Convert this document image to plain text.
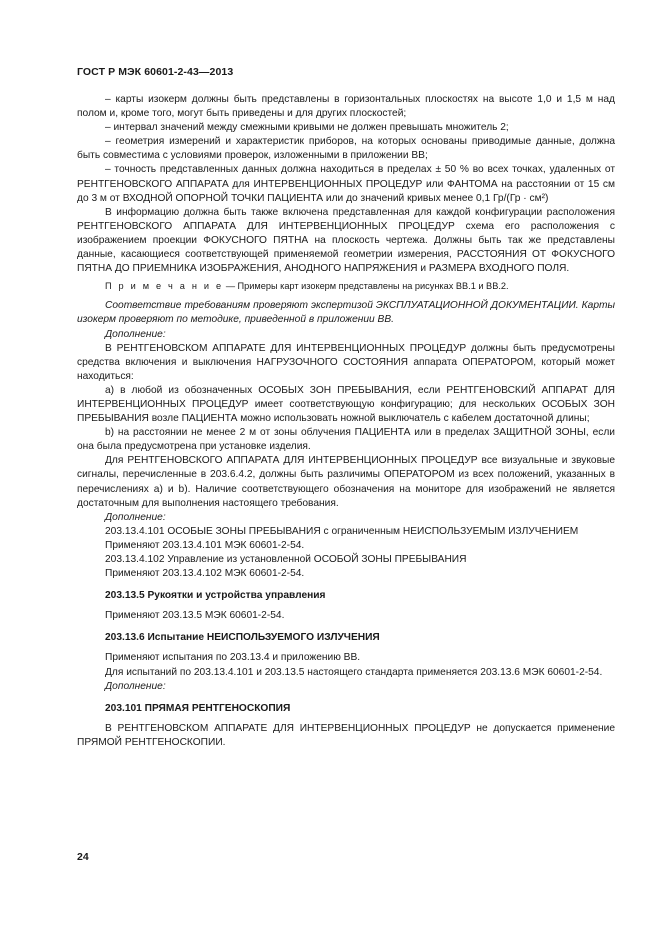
ГОСТ Р МЭК 60601-2-43—2013

– карты изокерм должны быть представлены в горизонтальных плоскостях на высоте 1,0 и 1,5 м над полом и, кроме того, могут быть приведены и для других плоскостей;

– интервал значений между смежными кривыми не должен превышать множитель 2;

– геометрия измерений и характеристик приборов, на которых основаны приводимые данные, должна быть совместима с условиями проверок, изложенными в приложении ВВ;

– точность представленных данных должна находиться в пределах ± 50 % во всех точках, удаленных от РЕНТГЕНОВСКОГО АППАРАТА для ИНТЕРВЕНЦИОННЫХ ПРОЦЕДУР или ФАНТОМА на расстоянии от 15 см до 3 м от ВХОДНОЙ ОПОРНОЙ ТОЧКИ ПАЦИЕНТА или до значений кривых менее 0,1 Гр/(Гр · см²)

В информацию должна быть также включена представленная для каждой конфигурации расположения РЕНТГЕНОВСКОГО АППАРАТА ДЛЯ ИНТЕРВЕНЦИОННЫХ ПРОЦЕДУР схема его расположения с изображением проекции ФОКУСНОГО ПЯТНА на плоскость чертежа. Должны быть так же представлены данные, касающиеся соответствующей применяемой геометрии измерения, РАССТОЯНИЯ ОТ ФОКУСНОГО ПЯТНА ДО ПРИЕМНИКА ИЗОБРАЖЕНИЯ, АНОДНОГО НАПРЯЖЕНИЯ и РАЗМЕРА ВХОДНОГО ПОЛЯ.

П р и м е ч а н и е — Примеры карт изокерм представлены на рисунках ВВ.1 и ВВ.2.

Соответствие требованиям проверяют экспертизой ЭКСПЛУАТАЦИОННОЙ ДОКУМЕНТАЦИИ. Карты изокерм проверяют по методике, приведенной в приложении ВВ.

Дополнение:

В РЕНТГЕНОВСКОМ АППАРАТЕ ДЛЯ ИНТЕРВЕНЦИОННЫХ ПРОЦЕДУР должны быть предусмотрены средства включения и выключения НАГРУЗОЧНОГО СОСТОЯНИЯ аппарата ОПЕРАТОРОМ, который может находиться:

a) в любой из обозначенных ОСОБЫХ ЗОН ПРЕБЫВАНИЯ, если РЕНТГЕНОВСКИЙ АППАРАТ ДЛЯ ИНТЕРВЕНЦИОННЫХ ПРОЦЕДУР имеет соответствующую конфигурацию; для нескольких ОСОБЫХ ЗОН ПРЕБЫВАНИЯ возле ПАЦИЕНТА можно использовать ножной выключатель с кабелем достаточной длины;

b) на расстоянии не менее 2 м от зоны облучения ПАЦИЕНТА или в пределах ЗАЩИТНОЙ ЗОНЫ, если она была предусмотрена при установке изделия.

Для РЕНТГЕНОВСКОГО АППАРАТА ДЛЯ ИНТЕРВЕНЦИОННЫХ ПРОЦЕДУР все визуальные и звуковые сигналы, перечисленные в 203.6.4.2, должны быть различимы ОПЕРАТОРОМ из всех положений, указанных в перечислениях a) и b). Наличие соответствующего обозначения на мониторе для изображений не является достаточным для выполнения настоящего требования.

Дополнение:

203.13.4.101 ОСОБЫЕ ЗОНЫ ПРЕБЫВАНИЯ с ограниченным НЕИСПОЛЬЗУЕМЫМ ИЗЛУЧЕНИЕМ

Применяют 203.13.4.101 МЭК 60601-2-54.

203.13.4.102 Управление из установленной ОСОБОЙ ЗОНЫ ПРЕБЫВАНИЯ

Применяют 203.13.4.102 МЭК 60601-2-54.

203.13.5 Рукоятки и устройства управления

Применяют 203.13.5 МЭК 60601-2-54.

203.13.6 Испытание НЕИСПОЛЬЗУЕМОГО ИЗЛУЧЕНИЯ

Применяют испытания по 203.13.4 и приложению ВВ.

Для испытаний по 203.13.4.101 и 203.13.5 настоящего стандарта применяется 203.13.6 МЭК 60601-2-54.

Дополнение:

203.101 ПРЯМАЯ РЕНТГЕНОСКОПИЯ

В РЕНТГЕНОВСКОМ АППАРАТЕ ДЛЯ ИНТЕРВЕНЦИОННЫХ ПРОЦЕДУР не допускается применение ПРЯМОЙ РЕНТГЕНОСКОПИИ.

24
